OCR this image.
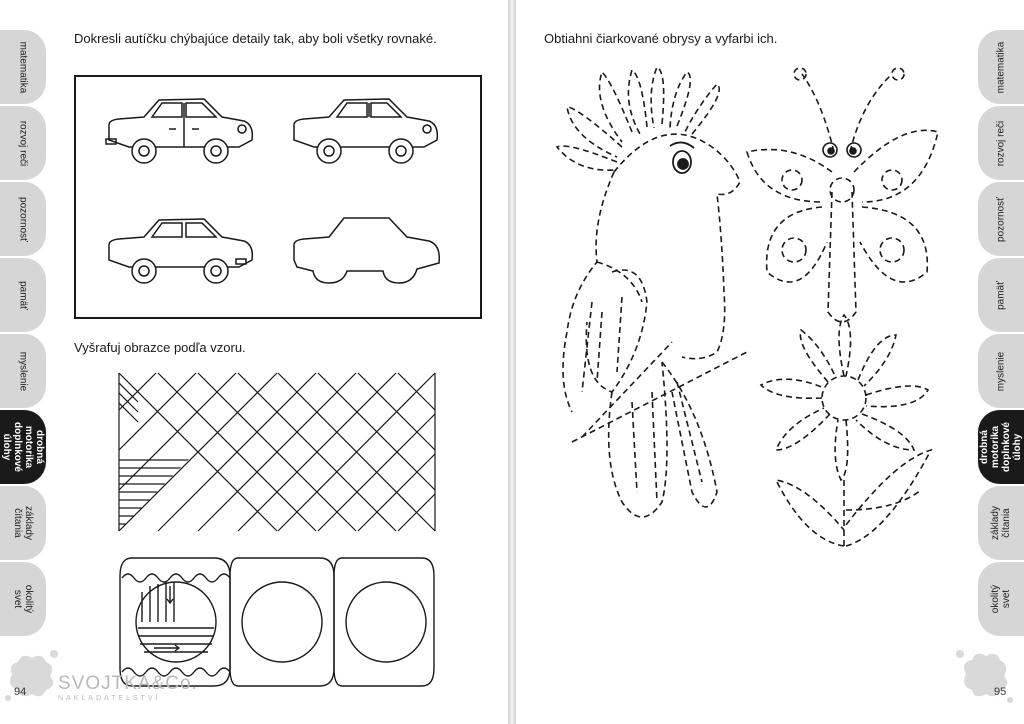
Dokresli autíčku chýbajúce detaily tak, aby boli všetky rovnaké.
Vyšrafuj obrazce podľa vzoru.
94 SVOJTKA&Co.
NAKLADATELSTVÍ
matematika
rozvoj reči
pozornosť
pamäť
myslenie
drobná
motorika
doplnkové
úlohy
základy
čítania
okolitý svet
Obtiahni čiarkované obrysy a vyfarbi ich.
95
matematika
rozvoj reči
pozornosť
pamäť
myslenie
drobná
motorika
doplnkové
úlohy
základy
čítania
okolitý svet
